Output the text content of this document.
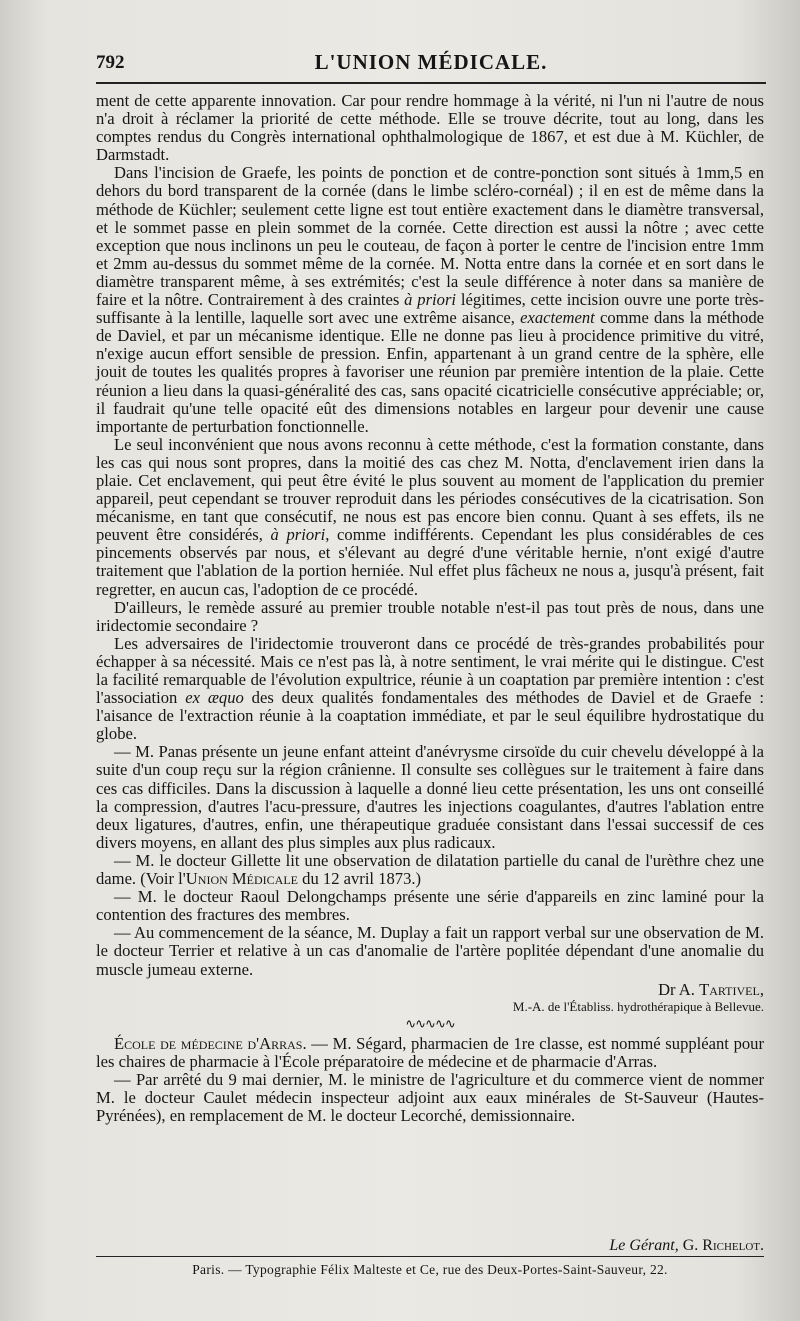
792	L'UNION MÉDICALE.

ment de cette apparente innovation. Car pour rendre hommage à la vérité, ni l'un ni l'autre de nous n'a droit à réclamer la priorité de cette méthode. Elle se trouve décrite, tout au long, dans les comptes rendus du Congrès international ophthalmologique de 1867, et est due à M. Küchler, de Darmstadt.

Dans l'incision de Graefe, les points de ponction et de contre-ponction sont situés à 1mm,5 en dehors du bord transparent de la cornée (dans le limbe scléro-cornéal) ; il en est de même dans la méthode de Küchler; seulement cette ligne est tout entière exactement dans le diamètre transversal, et le sommet passe en plein sommet de la cornée. Cette direction est aussi la nôtre ; avec cette exception que nous inclinons un peu le couteau, de façon à porter le centre de l'incision entre 1mm et 2mm au-dessus du sommet même de la cornée. M. Notta entre dans la cornée et en sort dans le diamètre transparent même, à ses extrémités; c'est la seule différence à noter dans sa manière de faire et la nôtre. Contrairement à des craintes à priori légitimes, cette incision ouvre une porte très-suffisante à la lentille, laquelle sort avec une extrême aisance, exactement comme dans la méthode de Daviel, et par un mécanisme identique. Elle ne donne pas lieu à procidence primitive du vitré, n'exige aucun effort sensible de pression. Enfin, appartenant à un grand centre de la sphère, elle jouit de toutes les qualités propres à favoriser une réunion par première intention de la plaie. Cette réunion a lieu dans la quasi-généralité des cas, sans opacité cicatricielle consécutive appréciable; or, il faudrait qu'une telle opacité eût des dimensions notables en largeur pour devenir une cause importante de perturbation fonctionnelle.

Le seul inconvénient que nous avons reconnu à cette méthode, c'est la formation constante, dans les cas qui nous sont propres, dans la moitié des cas chez M. Notta, d'enclavement irien dans la plaie. Cet enclavement, qui peut être évité le plus souvent au moment de l'application du premier appareil, peut cependant se trouver reproduit dans les périodes consécutives de la cicatrisation. Son mécanisme, en tant que consécutif, ne nous est pas encore bien connu. Quant à ses effets, ils ne peuvent être considérés, à priori, comme indifférents. Cependant les plus considérables de ces pincements observés par nous, et s'élevant au degré d'une véritable hernie, n'ont exigé d'autre traitement que l'ablation de la portion herniée. Nul effet plus fâcheux ne nous a, jusqu'à présent, fait regretter, en aucun cas, l'adoption de ce procédé.

D'ailleurs, le remède assuré au premier trouble notable n'est-il pas tout près de nous, dans une iridectomie secondaire ?

Les adversaires de l'iridectomie trouveront dans ce procédé de très-grandes probabilités pour échapper à sa nécessité. Mais ce n'est pas là, à notre sentiment, le vrai mérite qui le distingue. C'est la facilité remarquable de l'évolution expultrice, réunie à un coaptation par première intention : c'est l'association ex æquo des deux qualités fondamentales des méthodes de Daviel et de Graefe : l'aisance de l'extraction réunie à la coaptation immédiate, et par le seul équilibre hydrostatique du globe.

— M. Panas présente un jeune enfant atteint d'anévrysme cirsoïde du cuir chevelu développé à la suite d'un coup reçu sur la région crânienne. Il consulte ses collègues sur le traitement à faire dans ces cas difficiles. Dans la discussion à laquelle a donné lieu cette présentation, les uns ont conseillé la compression, d'autres l'acu-pressure, d'autres les injections coagulantes, d'autres l'ablation entre deux ligatures, d'autres, enfin, une thérapeutique graduée consistant dans l'essai successif de ces divers moyens, en allant des plus simples aux plus radicaux.

— M. le docteur Gillette lit une observation de dilatation partielle du canal de l'urèthre chez une dame. (Voir l'Union Médicale du 12 avril 1873.)

— M. le docteur Raoul Delongchamps présente une série d'appareils en zinc laminé pour la contention des fractures des membres.

— Au commencement de la séance, M. Duplay a fait un rapport verbal sur une observation de M. le docteur Terrier et relative à un cas d'anomalie de l'artère poplitée dépendant d'une anomalie du muscle jumeau externe.

Dr A. Tartivel,
M.-A. de l'Établiss. hydrothérapique à Bellevue.
∿∿∿∿∿

École de médecine d'Arras. — M. Ségard, pharmacien de 1re classe, est nommé suppléant pour les chaires de pharmacie à l'École préparatoire de médecine et de pharmacie d'Arras.

— Par arrêté du 9 mai dernier, M. le ministre de l'agriculture et du commerce vient de nommer M. le docteur Caulet médecin inspecteur adjoint aux eaux minérales de St-Sauveur (Hautes-Pyrénées), en remplacement de M. le docteur Lecorché, demissionnaire.

Le Gérant, G. Richelot.
Paris. — Typographie Félix Malteste et Ce, rue des Deux-Portes-Saint-Sauveur, 22.
